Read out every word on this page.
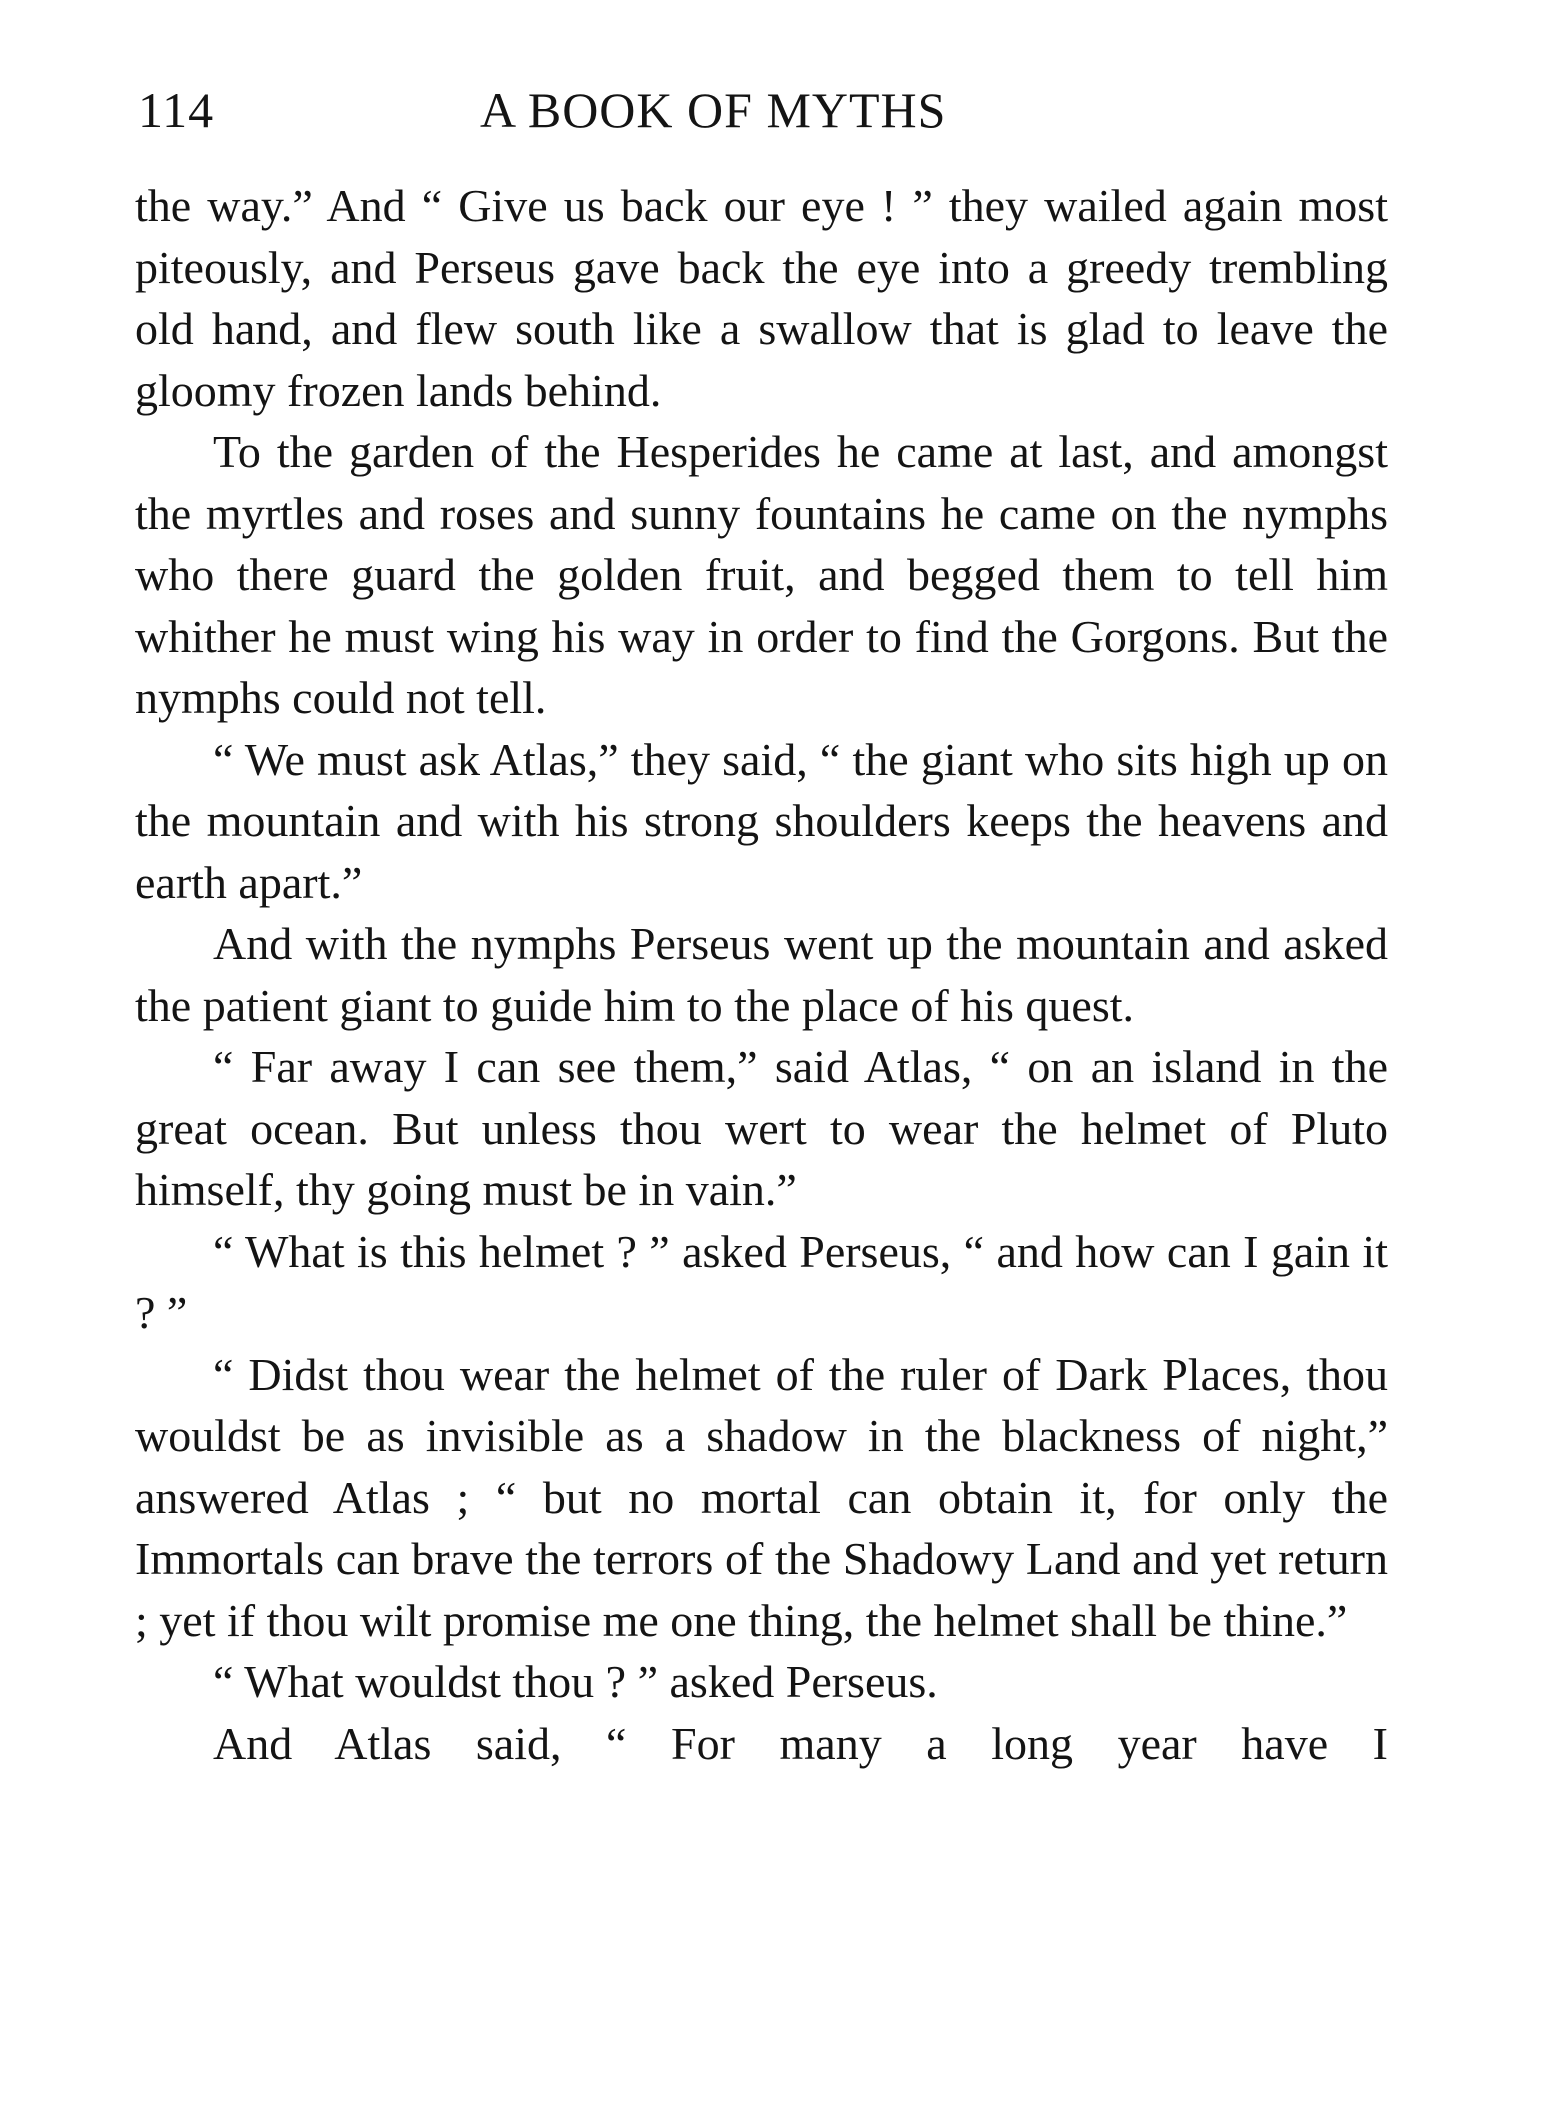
114	A BOOK OF MYTHS

the way.” And “ Give us back our eye ! ” they wailed again most piteously, and Perseus gave back the eye into a greedy trembling old hand, and flew south like a swallow that is glad to leave the gloomy frozen lands behind.

To the garden of the Hesperides he came at last, and amongst the myrtles and roses and sunny fountains he came on the nymphs who there guard the golden fruit, and begged them to tell him whither he must wing his way in order to find the Gorgons. But the nymphs could not tell.

“ We must ask Atlas,” they said, “ the giant who sits high up on the mountain and with his strong shoulders keeps the heavens and earth apart.”

And with the nymphs Perseus went up the mountain and asked the patient giant to guide him to the place of his quest.

“ Far away I can see them,” said Atlas, “ on an island in the great ocean. But unless thou wert to wear the helmet of Pluto himself, thy going must be in vain.”

“ What is this helmet ? ” asked Perseus, “ and how can I gain it ? ”

“ Didst thou wear the helmet of the ruler of Dark Places, thou wouldst be as invisible as a shadow in the blackness of night,” answered Atlas ; “ but no mortal can obtain it, for only the Immortals can brave the terrors of the Shadowy Land and yet return ; yet if thou wilt promise me one thing, the helmet shall be thine.”

“ What wouldst thou ? ” asked Perseus.

And Atlas said, “ For many a long year have I
